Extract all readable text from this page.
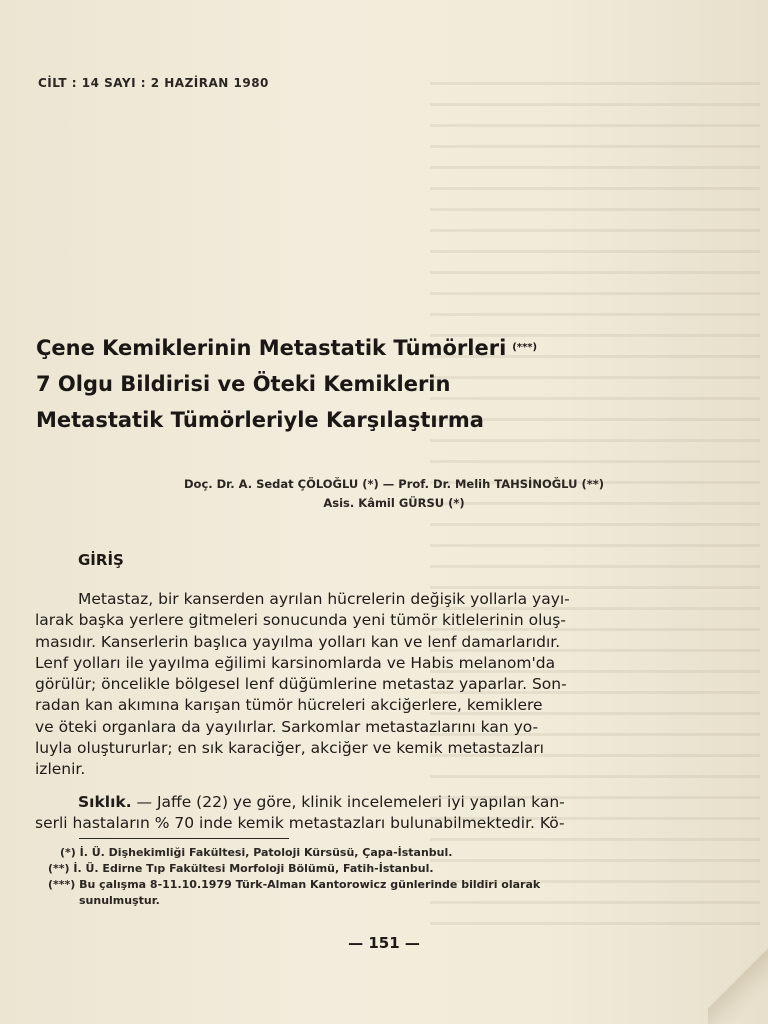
CİLT : 14 SAYI : 2 HAZİRAN 1980
Çene Kemiklerinin Metastatik Tümörleri (***)
7 Olgu Bildirisi ve Öteki Kemiklerin
Metastatik Tümörleriyle Karşılaştırma
Doç. Dr. A. Sedat ÇÖLOĞLU (*) — Prof. Dr. Melih TAHSİNOĞLU (**)
Asis. Kâmil GÜRSU (*)
GİRİŞ
Metastaz, bir kanserden ayrılan hücrelerin değişik yollarla yayı-
larak başka yerlere gitmeleri sonucunda yeni tümör kitlelerinin oluş-
masıdır. Kanserlerin başlıca yayılma yolları kan ve lenf damarlarıdır.
Lenf yolları ile yayılma eğilimi karsinomlarda ve Habis melanom'da
görülür; öncelikle bölgesel lenf düğümlerine metastaz yaparlar. Son-
radan kan akımına karışan tümör hücreleri akciğerlere, kemiklere
ve öteki organlara da yayılırlar. Sarkomlar metastazlarını kan yo-
luyla oluştururlar; en sık karaciğer, akciğer ve kemik metastazları
izlenir.
Sıklık. — Jaffe (22) ye göre, klinik incelemeleri iyi yapılan kan-
serli hastaların % 70 inde kemik metastazları bulunabilmektedir. Kö-
(*) İ. Ü. Dişhekimliği Fakültesi, Patoloji Kürsüsü, Çapa-İstanbul.
(**) İ. Ü. Edirne Tıp Fakültesi Morfoloji Bölümü, Fatih-İstanbul.
(***) Bu çalışma 8-11.10.1979 Türk-Alman Kantorowicz günlerinde bildiri olarak
sunulmuştur.
— 151 —
